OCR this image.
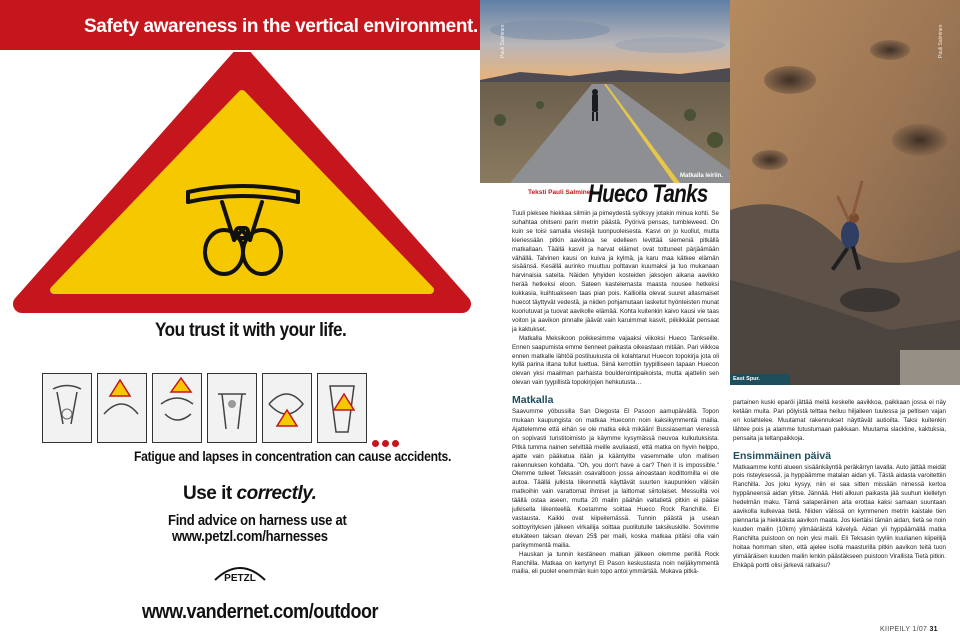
Safety awareness in the vertical environment.
You trust it with your life.
Fatigue and lapses in concentration can cause accidents.
Use it correctly.
Find advice on harness use at
www.petzl.com/harnesses
PETZL
www.vandernet.com/outdoor
Pauli Salminen
Matkalla leiriin.
Pauli Salminen
East Spur.
Teksti Pauli Salminen
Hueco Tanks

Tuuli pieksee hiekkaa silmiin ja pimeydestä syöksyy jotakin minua kohti. Se suhahtaa ohitseni parin metrin päästä. Pyörivä pensas, tumbleweed. On kuin se toisi samalla viestejä tuonpuoleisesta. Kasvi on jo kuollut, mutta kieriessään pitkin aavikkoa se edelleen levittää siemeniä pitkällä matkallaan. Täällä kasvit ja harvat eläimet ovat tottuneet pärjäämään vähällä. Talvinen kausi on kuiva ja kylmä, ja karu maa kätkee elämän sisäänsä. Kesällä aurinko muuttuu polttavan kuumaksi ja tuo mukanaan harvinaisia sateita. Näiden lyhyiden kosteiden jaksojen aikana aavikko herää hetkeksi eloon. Sateen kastelemasta maasta nousee hetkeksi kukkasia, kuihtuakseen taas pian pois. Kallioilla olevat suuret allasmaiset huecot täyttyvät vedestä, ja niiden pohjamutaan lasketut hyönteisten munat kuoriutuvat ja tuovat aavikolle elämää. Kohta kuitenkin kaivo kausi vie taas voiton ja aavikon pinnalle jäävät vain karuimmat kasvit, piikikkäät pensaat ja kaktukset.

Matkalla Meksikoon poikkesimme vajaaksi viikoksi Hueco Tankseille. Ennen saapumista emme tienneet paikasta oikeastaan mitään. Pari viikkoa ennen matkalle lähtöä postiluukusta oli kolahtanut Huecon topokirja jota oli kyllä parina iltana tullut luettua. Siinä kerrottiin tyypilliseen tapaan Huecon olevan yksi maailman parhaista boulderointipaikoista, mutta ajattelin sen olevan vain tyypillistä topokirjojen hehkutusta…

Matkalla

Saavumme yöbussilla San Diegosta El Pasoon aamupäivällä. Topon mukaan kaupungista on matkaa Hueconn noin kaksikymmentä mailia. Ajattelemme että eihän se ole matka eikä mikään! Bussiaseman vieressä on sopivasti turistitoimisto ja käymme kysymässä neuvoa kulkutuksista. Pitkä tumma nainen selvittää meille avuliaasti, että matka on hyvin helppo, ajatte vain pääkatua itään ja kääntyitte vasemmalle ufon mallisen rakennuksen kohdalta. "Oh, you don't have a car? Then it is impossible." Olemme tulleet Teksasin osavaltioon jossa ainoastaan kodittomilla ei ole autoa. Täällä julkista liikennettä käyttävät suurten kaupunkien välisiin matkoihin vain varattomat ihmiset ja laittomat siirtolaiset. Messuilta voi täällä ostaa aseen, mutta 20 mailin päähän valtatietä pitkin ei pääse julkisella liikenteellä. Koetamme soittaa Hueco Rock Ranchille. Ei vastausta. Kaikki ovat kiipeilemässä. Tunnin päästä ja usean soittoyrityksen jälkeen virkailija soittaa puolitutulle taksikuskille. Sovimme etukäteen taksan olevan 25$ per maili, koska matkaa pitäisi olla vain parikymmentä mailia.

Hauskan ja tunnin kestäneen matkan jälkeen olemme perillä Rock Ranchilla. Matkaa on kertynyt El Pason keskustasta noin neljäkymmentä mailia, eli puolet enemmän kuin topo antoi ymmärtää. Mukava pitkä-

partainen kuski eparöi jättää meitä keskelle aavikkoa, paikkaan jossa ei näy ketään muita. Pari pölyistä telttaa heiluu hiljalleen tuulessa ja peltisen vajan eri kolahtelee. Muutamat rakennukset näyttävät autioilta. Taksi kuitenkin lähtee pois ja alamme tutustumaan paikkaan. Muutama slackline, kaktuksia, pensaita ja teltanpaikkoja.

Ensimmäinen päivä

Matkaamme kohti alueen sisäänkäyntiä peräkärryn lavalla. Auto jättää meidät pois risteyksessä, ja hyppäämme matalan aidan yli. Tästä aidasta varoitettiin Ranchilla. Jos joku kysyy, niin ei saa sitten missään nimessä kertoa hyppäneensä aidan ylitse. Jännää. Heti alkuun paikasta jää suuhun kielletyn hedelmän maku. Tämä salaperäinen aita erottaa kaksi samaan suuntaan aavikolla kulkevaa tietä. Niiden välissä on kymmenen metrin kaistale tien piennarta ja hiekkaista aavikon maata. Jos kiertäisi tämän aidan, tietä se noin kuuden mailin (10km) ylimääräistä kävelyä. Aidan yli hyppäämällä matka Ranchilta puistoon on noin yksi maili. Eli Teksasin tyyliin kuulianen kiipeilijä hoitaa homman siten, että ajelee isolla maasturilla pitkin aavikon teitä tuon ylimääräisen kuuden mailin lenkin päästäkseen puistoon Virallista Tietä pitkin. Ehkäpä portti olisi järkevä ratkaisu?

KIIPEILY 1/07 31
